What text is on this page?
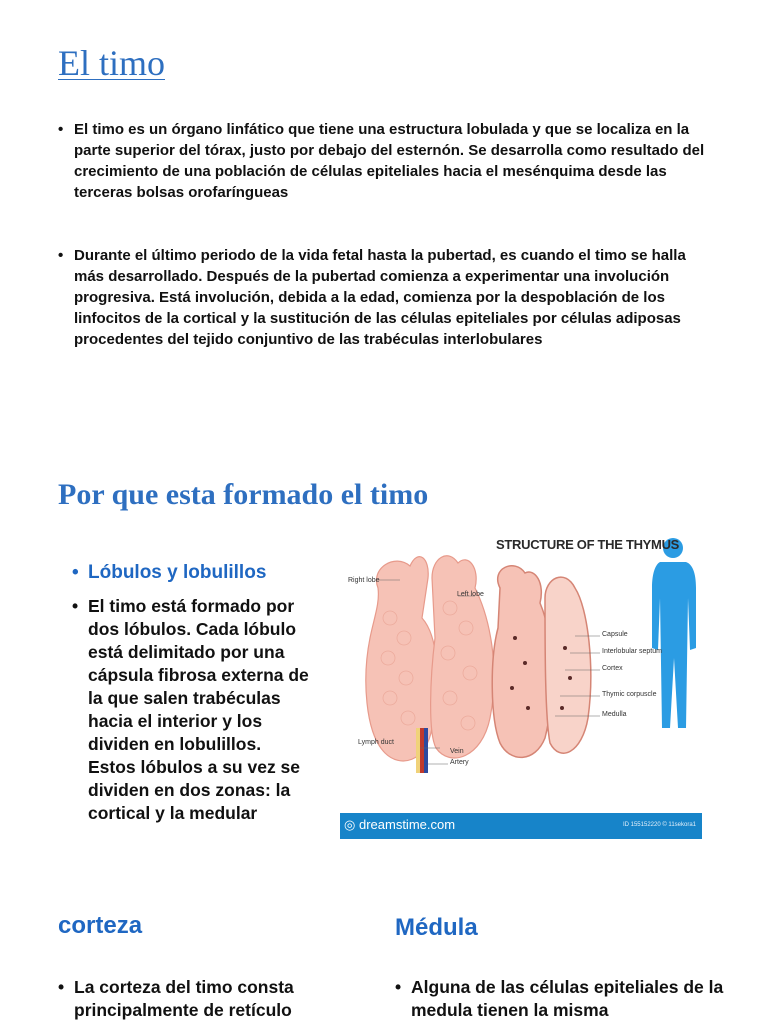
El timo
• El timo es un órgano linfático que tiene una estructura lobulada y que se localiza en la parte superior del tórax, justo por debajo del esternón. Se desarrolla como resultado del crecimiento de una población de células epiteliales hacia el mesénquima desde las terceras bolsas orofaríngueas
• Durante el último periodo de la vida fetal hasta la pubertad, es cuando el timo se halla más desarrollado. Después de la pubertad comienza a experimentar una involución progresiva. Está involución, debida a la edad, comienza por la despoblación de los linfocitos de la cortical y la sustitución de las células epiteliales por células adiposas procedentes del tejido conjuntivo de las trabéculas interlobulares
Por que esta formado el timo
• Lóbulos y lobulillos
• El timo está formado por dos lóbulos. Cada lóbulo está delimitado por una cápsula fibrosa externa de la que salen trabéculas hacia el interior y los dividen en lobulillos. Estos lóbulos a su vez se dividen en dos zonas: la cortical y la medular
STRUCTURE OF THE THYMUS
Right lobe
Left lobe
Capsule
Interlobular septum
Cortex
Thymic corpuscle
Medulla
Lymph duct
Vein
Artery
◎ dreamstime.com	ID 155152220 © 11sekora1
corteza	Médula
• La corteza del timo consta principalmente de retículo
• Alguna de las células epiteliales de la medula tienen la misma
